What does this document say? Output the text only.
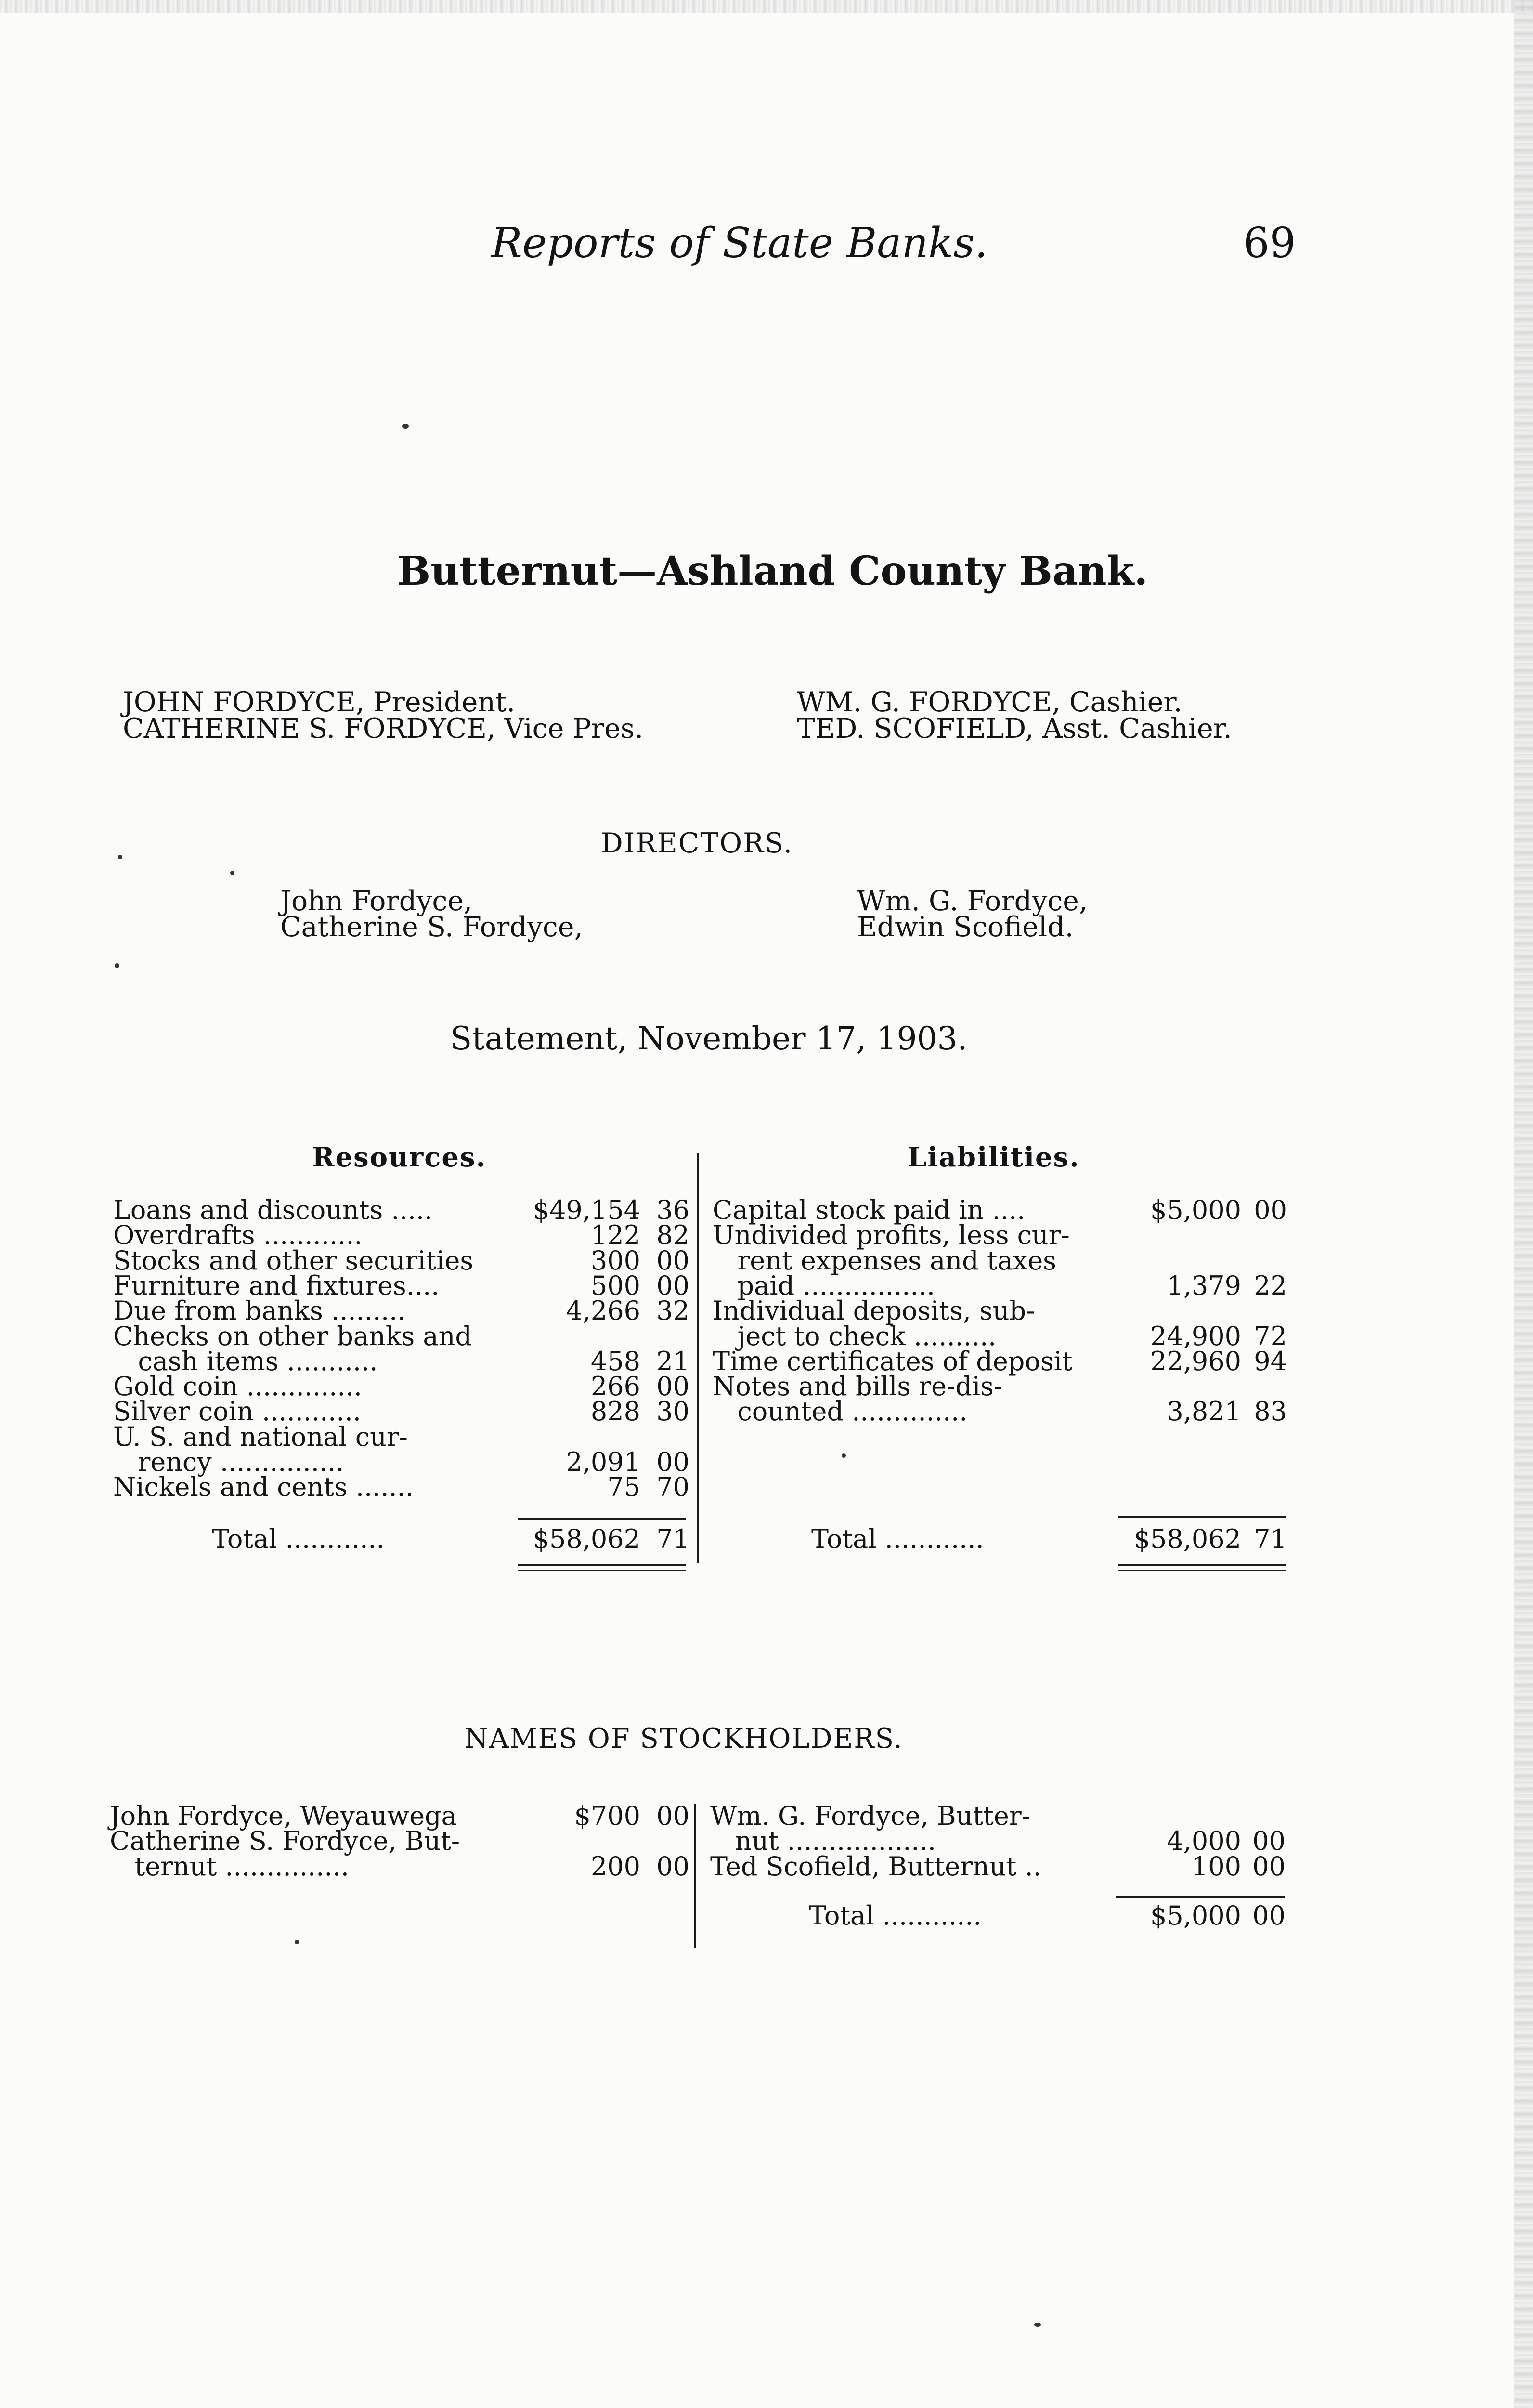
Reports of State Banks.	69
Butternut—Ashland County Bank.
JOHN FORDYCE, President.
CATHERINE S. FORDYCE, Vice Pres.
WM. G. FORDYCE, Cashier.
TED. SCOFIELD, Asst. Cashier.
DIRECTORS.
John Fordyce,
Catherine S. Fordyce,
Wm. G. Fordyce,
Edwin Scofield.
Statement, November 17, 1903.
Resources.	Liabilities.
Loans and discounts .....	$49,154 36
Overdrafts ............	122 82
Stocks and other securities	300 00
Furniture and fixtures....	500 00
Due from banks .........	4,266 32
Checks on other banks and
cash items ...........	458 21
Gold coin ..............	266 00
Silver coin ............	828 30
U. S. and national cur-
rency ...............	2,091 00
Nickels and cents .......	75 70
Total ............	$58,062 71
Capital stock paid in ....	$5,000 00
Undivided profits, less cur-
rent expenses and taxes
paid ................	1,379 22
Individual deposits, sub-
ject to check ..........	24,900 72
Time certificates of deposit	22,960 94
Notes and bills re-dis-
counted ..............	3,821 83
Total ............	$58,062 71
NAMES OF STOCKHOLDERS.
John Fordyce, Weyauwega	$700 00
Catherine S. Fordyce, But-
ternut ...............	200 00
Wm. G. Fordyce, Butter-
nut ..................	4,000 00
Ted Scofield, Butternut ..	100 00
Total ............	$5,000 00
